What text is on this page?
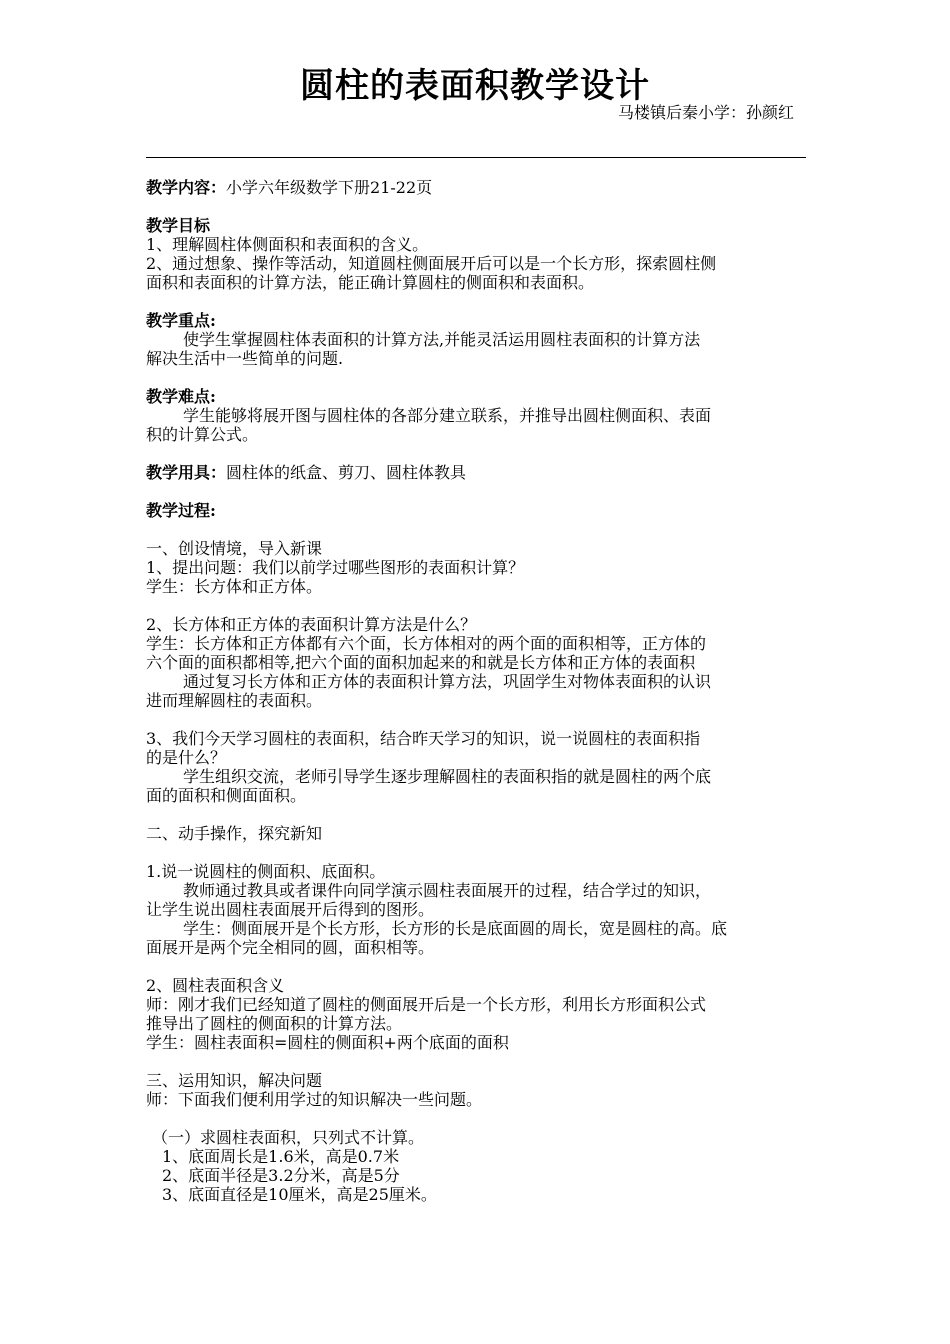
圆柱的表面积教学设计
马楼镇后秦小学：孙颜红
教学内容：小学六年级数学下册21-22页
教学目标
1、理解圆柱体侧面积和表面积的含义。
2、通过想象、操作等活动，知道圆柱侧面展开后可以是一个长方形，探索圆柱侧
面积和表面积的计算方法，能正确计算圆柱的侧面积和表面积。
教学重点:
使学生掌握圆柱体表面积的计算方法,并能灵活运用圆柱表面积的计算方法
解决生活中一些简单的问题.
教学难点:
学生能够将展开图与圆柱体的各部分建立联系，并推导出圆柱侧面积、表面
积的计算公式。
教学用具：圆柱体的纸盒、剪刀、圆柱体教具
教学过程:
一、创设情境，导入新课
1、提出问题：我们以前学过哪些图形的表面积计算？
学生：长方体和正方体。
2、长方体和正方体的表面积计算方法是什么？
学生：长方体和正方体都有六个面，长方体相对的两个面的面积相等，正方体的
六个面的面积都相等,把六个面的面积加起来的和就是长方体和正方体的表面积
通过复习长方体和正方体的表面积计算方法，巩固学生对物体表面积的认识
进而理解圆柱的表面积。
3、我们今天学习圆柱的表面积，结合昨天学习的知识，说一说圆柱的表面积指
的是什么？
学生组织交流，老师引导学生逐步理解圆柱的表面积指的就是圆柱的两个底
面的面积和侧面面积。
二、动手操作，探究新知
1.说一说圆柱的侧面积、底面积。
教师通过教具或者课件向同学演示圆柱表面展开的过程，结合学过的知识，
让学生说出圆柱表面展开后得到的图形。
学生：侧面展开是个长方形，长方形的长是底面圆的周长，宽是圆柱的高。底
面展开是两个完全相同的圆，面积相等。
2、圆柱表面积含义
师：刚才我们已经知道了圆柱的侧面展开后是一个长方形，利用长方形面积公式
推导出了圆柱的侧面积的计算方法。
学生：圆柱表面积=圆柱的侧面积+两个底面的面积
三、运用知识，解决问题
师：下面我们便利用学过的知识解决一些问题。
（一）求圆柱表面积，只列式不计算。
1、底面周长是1.6米，高是0.7米
2、底面半径是3.2分米，高是5分
3、底面直径是10厘米，高是25厘米。
